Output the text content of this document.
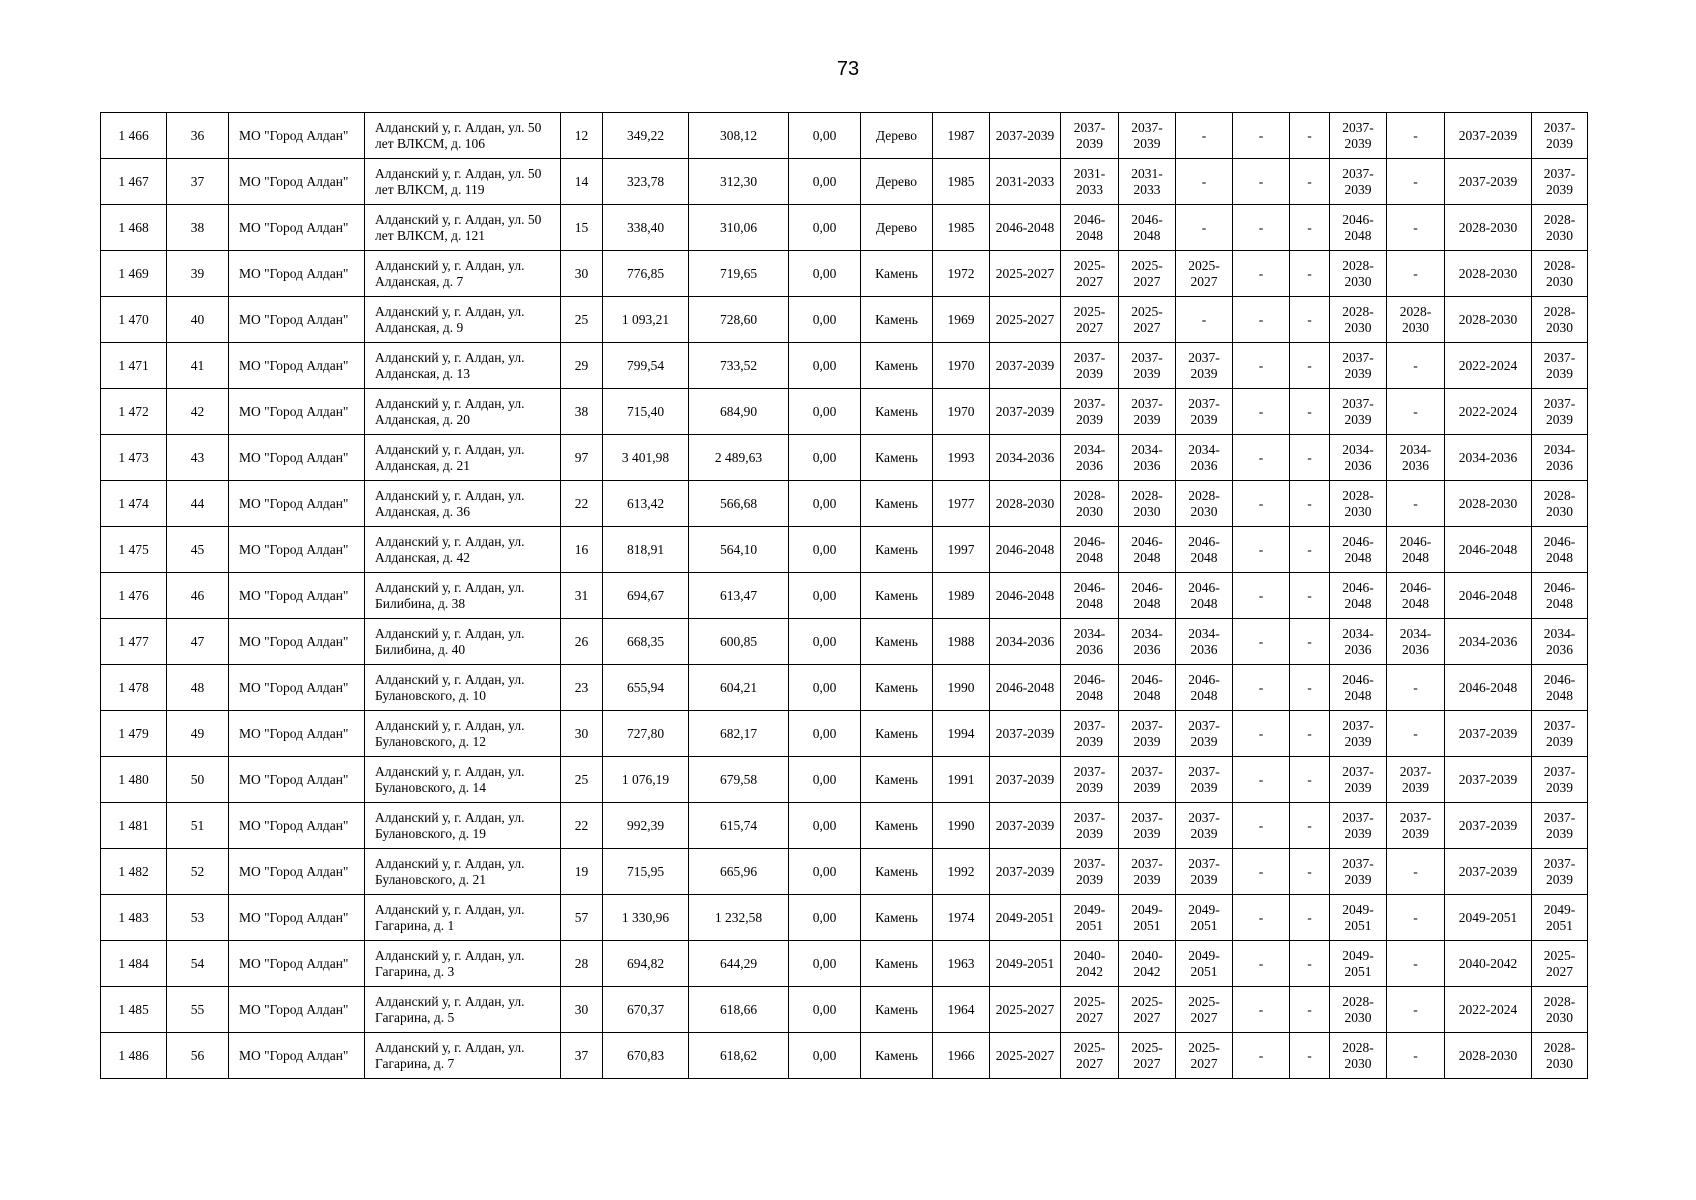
73
1 466	36	МО "Город Алдан"	Алданский у, г. Алдан, ул. 50 лет ВЛКСМ, д. 106	12	349,22	308,12	0,00	Дерево	1987	2037-2039	2037-2039	2037-2039	-	-	-	2037-2039	-	2037-2039	2037-2039
1 467	37	МО "Город Алдан"	Алданский у, г. Алдан, ул. 50 лет ВЛКСМ, д. 119	14	323,78	312,30	0,00	Дерево	1985	2031-2033	2031-2033	2031-2033	-	-	-	2037-2039	-	2037-2039	2037-2039
1 468	38	МО "Город Алдан"	Алданский у, г. Алдан, ул. 50 лет ВЛКСМ, д. 121	15	338,40	310,06	0,00	Дерево	1985	2046-2048	2046-2048	2046-2048	-	-	-	2046-2048	-	2028-2030	2028-2030
1 469	39	МО "Город Алдан"	Алданский у, г. Алдан, ул. Алданская, д. 7	30	776,85	719,65	0,00	Камень	1972	2025-2027	2025-2027	2025-2027	2025-2027	-	-	2028-2030	-	2028-2030	2028-2030
1 470	40	МО "Город Алдан"	Алданский у, г. Алдан, ул. Алданская, д. 9	25	1 093,21	728,60	0,00	Камень	1969	2025-2027	2025-2027	2025-2027	-	-	-	2028-2030	2028-2030	2028-2030	2028-2030
1 471	41	МО "Город Алдан"	Алданский у, г. Алдан, ул. Алданская, д. 13	29	799,54	733,52	0,00	Камень	1970	2037-2039	2037-2039	2037-2039	2037-2039	-	-	2037-2039	-	2022-2024	2037-2039
1 472	42	МО "Город Алдан"	Алданский у, г. Алдан, ул. Алданская, д. 20	38	715,40	684,90	0,00	Камень	1970	2037-2039	2037-2039	2037-2039	2037-2039	-	-	2037-2039	-	2022-2024	2037-2039
1 473	43	МО "Город Алдан"	Алданский у, г. Алдан, ул. Алданская, д. 21	97	3 401,98	2 489,63	0,00	Камень	1993	2034-2036	2034-2036	2034-2036	2034-2036	-	-	2034-2036	2034-2036	2034-2036	2034-2036
1 474	44	МО "Город Алдан"	Алданский у, г. Алдан, ул. Алданская, д. 36	22	613,42	566,68	0,00	Камень	1977	2028-2030	2028-2030	2028-2030	2028-2030	-	-	2028-2030	-	2028-2030	2028-2030
1 475	45	МО "Город Алдан"	Алданский у, г. Алдан, ул. Алданская, д. 42	16	818,91	564,10	0,00	Камень	1997	2046-2048	2046-2048	2046-2048	2046-2048	-	-	2046-2048	2046-2048	2046-2048	2046-2048
1 476	46	МО "Город Алдан"	Алданский у, г. Алдан, ул. Билибина, д. 38	31	694,67	613,47	0,00	Камень	1989	2046-2048	2046-2048	2046-2048	2046-2048	-	-	2046-2048	2046-2048	2046-2048	2046-2048
1 477	47	МО "Город Алдан"	Алданский у, г. Алдан, ул. Билибина, д. 40	26	668,35	600,85	0,00	Камень	1988	2034-2036	2034-2036	2034-2036	2034-2036	-	-	2034-2036	2034-2036	2034-2036	2034-2036
1 478	48	МО "Город Алдан"	Алданский у, г. Алдан, ул. Булановского, д. 10	23	655,94	604,21	0,00	Камень	1990	2046-2048	2046-2048	2046-2048	2046-2048	-	-	2046-2048	-	2046-2048	2046-2048
1 479	49	МО "Город Алдан"	Алданский у, г. Алдан, ул. Булановского, д. 12	30	727,80	682,17	0,00	Камень	1994	2037-2039	2037-2039	2037-2039	2037-2039	-	-	2037-2039	-	2037-2039	2037-2039
1 480	50	МО "Город Алдан"	Алданский у, г. Алдан, ул. Булановского, д. 14	25	1 076,19	679,58	0,00	Камень	1991	2037-2039	2037-2039	2037-2039	2037-2039	-	-	2037-2039	2037-2039	2037-2039	2037-2039
1 481	51	МО "Город Алдан"	Алданский у, г. Алдан, ул. Булановского, д. 19	22	992,39	615,74	0,00	Камень	1990	2037-2039	2037-2039	2037-2039	2037-2039	-	-	2037-2039	2037-2039	2037-2039	2037-2039
1 482	52	МО "Город Алдан"	Алданский у, г. Алдан, ул. Булановского, д. 21	19	715,95	665,96	0,00	Камень	1992	2037-2039	2037-2039	2037-2039	2037-2039	-	-	2037-2039	-	2037-2039	2037-2039
1 483	53	МО "Город Алдан"	Алданский у, г. Алдан, ул. Гагарина, д. 1	57	1 330,96	1 232,58	0,00	Камень	1974	2049-2051	2049-2051	2049-2051	2049-2051	-	-	2049-2051	-	2049-2051	2049-2051
1 484	54	МО "Город Алдан"	Алданский у, г. Алдан, ул. Гагарина, д. 3	28	694,82	644,29	0,00	Камень	1963	2049-2051	2040-2042	2040-2042	2049-2051	-	-	2049-2051	-	2040-2042	2025-2027
1 485	55	МО "Город Алдан"	Алданский у, г. Алдан, ул. Гагарина, д. 5	30	670,37	618,66	0,00	Камень	1964	2025-2027	2025-2027	2025-2027	2025-2027	-	-	2028-2030	-	2022-2024	2028-2030
1 486	56	МО "Город Алдан"	Алданский у, г. Алдан, ул. Гагарина, д. 7	37	670,83	618,62	0,00	Камень	1966	2025-2027	2025-2027	2025-2027	2025-2027	-	-	2028-2030	-	2028-2030	2028-2030
